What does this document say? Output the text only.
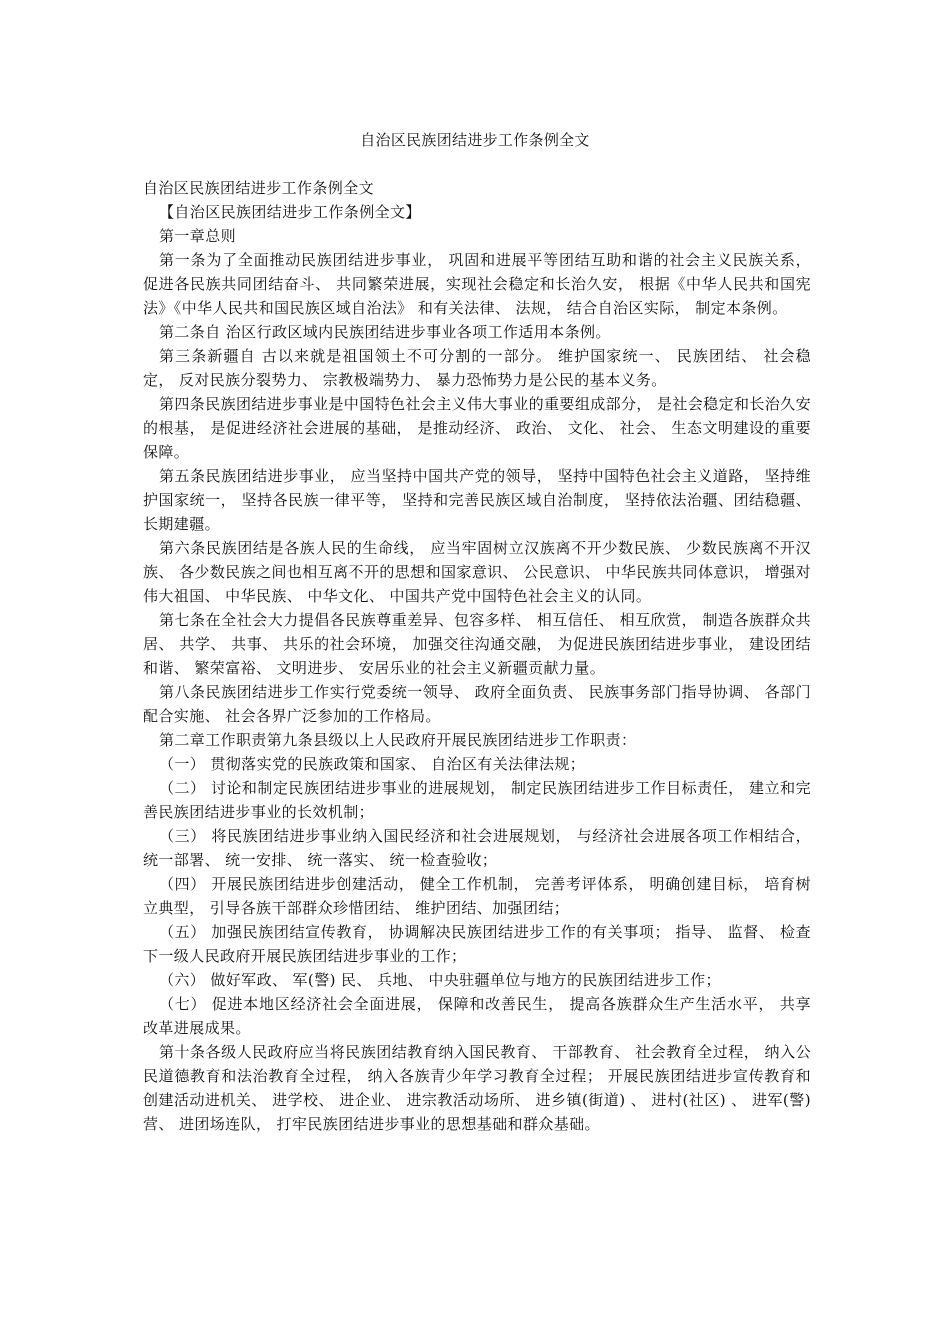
自治区民族团结进步工作条例全文

自治区民族团结进步工作条例全文

【自治区民族团结进步工作条例全文】

第一章总则

第一条为了全面推动民族团结进步事业， 巩固和进展平等团结互助和谐的社会主义民族关系， 促进各民族共同团结奋斗、 共同繁荣进展，实现社会稳定和长治久安， 根据《中华人民共和国宪法》《中华人民共和国民族区域自治法》 和有关法律、 法规， 结合自治区实际， 制定本条例。

第二条自 治区行政区域内民族团结进步事业各项工作适用本条例。

第三条新疆自 古以来就是祖国领土不可分割的一部分。 维护国家统一、 民族团结、 社会稳定， 反对民族分裂势力、 宗教极端势力、 暴力恐怖势力是公民的基本义务。

第四条民族团结进步事业是中国特色社会主义伟大事业的重要组成部分， 是社会稳定和长治久安的根基， 是促进经济社会进展的基础， 是推动经济、 政治、 文化、 社会、 生态文明建设的重要保障。

第五条民族团结进步事业， 应当坚持中国共产党的领导， 坚持中国特色社会主义道路， 坚持维护国家统一， 坚持各民族一律平等， 坚持和完善民族区域自治制度， 坚持依法治疆、团结稳疆、长期建疆。

第六条民族团结是各族人民的生命线， 应当牢固树立汉族离不开少数民族、 少数民族离不开汉族、 各少数民族之间也相互离不开的思想和国家意识、 公民意识、 中华民族共同体意识， 增强对伟大祖国、 中华民族、 中华文化、 中国共产党中国特色社会主义的认同。

第七条在全社会大力提倡各民族尊重差异、包容多样、 相互信任、 相互欣赏， 制造各族群众共居、 共学、 共事、 共乐的社会环境， 加强交往沟通交融， 为促进民族团结进步事业， 建设团结和谐、 繁荣富裕、 文明进步、 安居乐业的社会主义新疆贡献力量。

第八条民族团结进步工作实行党委统一领导、 政府全面负责、 民族事务部门指导协调、 各部门配合实施、 社会各界广泛参加的工作格局。

第二章工作职责第九条县级以上人民政府开展民族团结进步工作职责：

（一） 贯彻落实党的民族政策和国家、 自治区有关法律法规；

（二） 讨论和制定民族团结进步事业的进展规划， 制定民族团结进步工作目标责任， 建立和完善民族团结进步事业的长效机制；

（三） 将民族团结进步事业纳入国民经济和社会进展规划， 与经济社会进展各项工作相结合， 统一部署、 统一安排、 统一落实、 统一检查验收；

（四） 开展民族团结进步创建活动， 健全工作机制， 完善考评体系， 明确创建目标， 培育树立典型， 引导各族干部群众珍惜团结、 维护团结、加强团结；

（五） 加强民族团结宣传教育， 协调解决民族团结进步工作的有关事项； 指导、 监督、 检查下一级人民政府开展民族团结进步事业的工作；

（六） 做好军政、 军(警) 民、 兵地、 中央驻疆单位与地方的民族团结进步工作；

（七） 促进本地区经济社会全面进展， 保障和改善民生， 提高各族群众生产生活水平， 共享改革进展成果。

第十条各级人民政府应当将民族团结教育纳入国民教育、 干部教育、 社会教育全过程， 纳入公民道德教育和法治教育全过程， 纳入各族青少年学习教育全过程； 开展民族团结进步宣传教育和创建活动进机关、 进学校、 进企业、 进宗教活动场所、 进乡镇(街道) 、 进村(社区) 、 进军(警)营、 进团场连队， 打牢民族团结进步事业的思想基础和群众基础。
